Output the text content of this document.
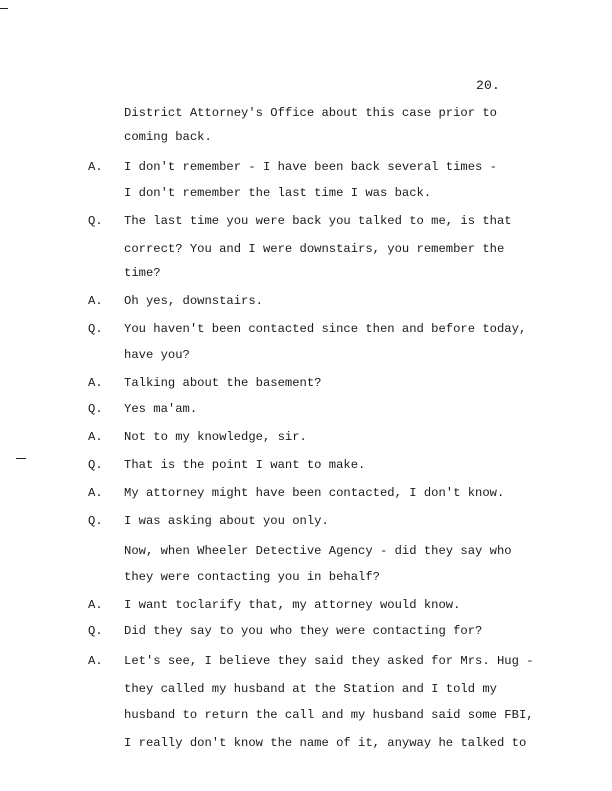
20.
District Attorney's Office about this case prior to
coming back.
A. I don't remember - I have been back several times -
I don't remember the last time I was back.
Q. The last time you were back you talked to me, is that
correct? You and I were downstairs, you remember the
time?
A. Oh yes, downstairs.
Q. You haven't been contacted since then and before today,
have you?
A. Talking about the basement?
Q. Yes ma'am.
A. Not to my knowledge, sir.
Q. That is the point I want to make.
A. My attorney might have been contacted, I don't know.
Q. I was asking about you only.
Now, when Wheeler Detective Agency - did they say who
they were contacting you in behalf?
A. I want toclarify that, my attorney would know.
Q. Did they say to you who they were contacting for?
A. Let's see, I believe they said they asked for Mrs. Hug -
they called my husband at the Station and I told my
husband to return the call and my husband said some FBI,
I really don't know the name of it, anyway he talked to
